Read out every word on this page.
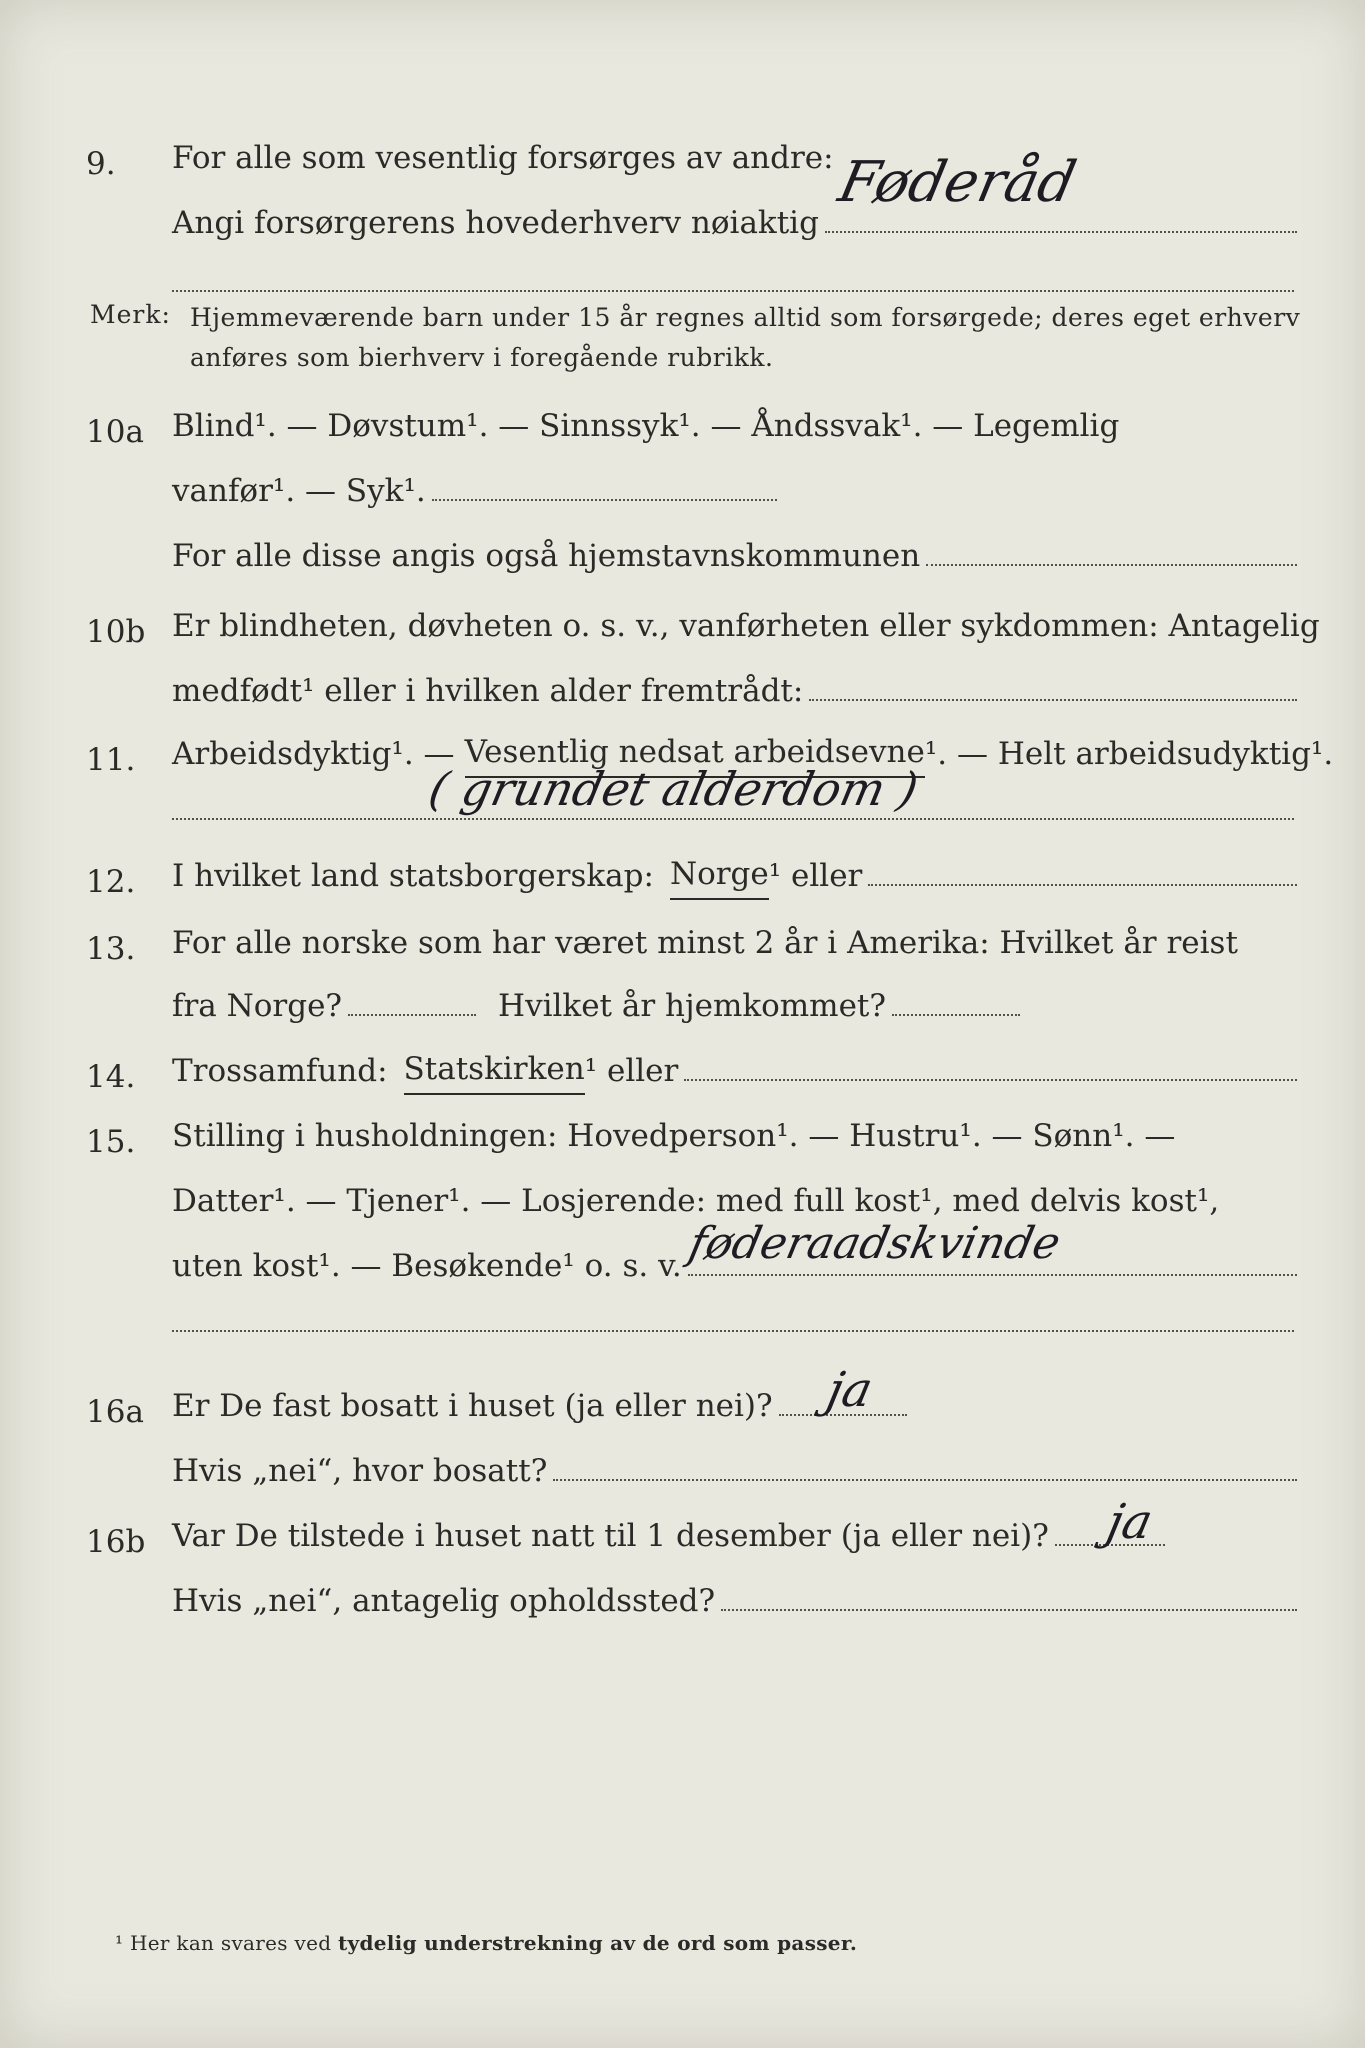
9.	For alle som vesentlig forsørges av andre:
Angi forsørgerens hovederhverv nøiaktig
Føderåd
Merk: Hjemmeværende barn under 15 år regnes alltid som forsørgede; deres eget erhverv
anføres som bierhverv i foregående rubrikk.
10a Blind¹. — Døvstum¹. — Sinnssyk¹. — Åndssvak¹. — Legemlig
vanfør¹. — Syk¹.
For alle disse angis også hjemstavnskommunen
10b Er blindheten, døvheten o. s. v., vanførheten eller sykdommen: Antagelig
medfødt¹ eller i hvilken alder fremtrådt:
11.	Arbeidsdyktig¹. — Vesentlig nedsat arbeidsevne ¹. — Helt arbeidsudyktig¹.
( grundet alderdom )
12.	I hvilket land statsborgerskap: Norge ¹ eller
13.	For alle norske som har været minst 2 år i Amerika: Hvilket år reist
fra Norge?	Hvilket år hjemkommet?
14.	Trossamfund: Statskirken ¹ eller
15.	Stilling i husholdningen: Hovedperson¹. — Hustru¹. — Sønn¹. —
Datter¹. — Tjener¹. — Losjerende: med full kost¹, med delvis kost¹,
uten kost¹. — Besøkende¹ o. s. v. føderaadskvinde
16a Er De fast bosatt i huset (ja eller nei)? ja
Hvis „nei“, hvor bosatt?
16b Var De tilstede i huset natt til 1 desember (ja eller nei)? ja
Hvis „nei“, antagelig opholdssted?
¹ Her kan svares ved tydelig understrekning av de ord som passer.
